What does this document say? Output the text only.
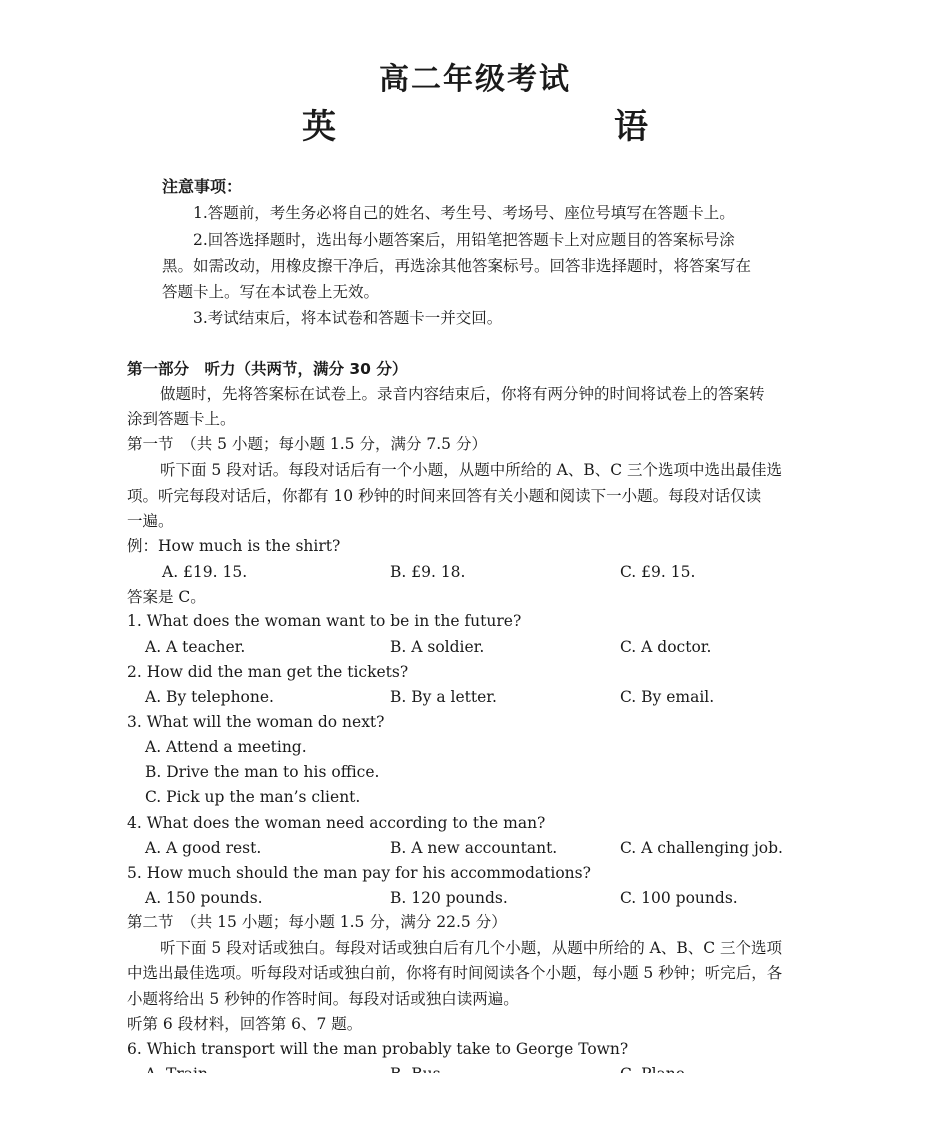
高二年级考试
英　　语
注意事项：
1.答题前，考生务必将自己的姓名、考生号、考场号、座位号填写在答题卡上。
2.回答选择题时，选出每小题答案后，用铅笔把答题卡上对应题目的答案标号涂
黑。如需改动，用橡皮擦干净后，再选涂其他答案标号。回答非选择题时，将答案写在
答题卡上。写在本试卷上无效。
3.考试结束后，将本试卷和答题卡一并交回。
第一部分　听力（共两节，满分 30 分）
做题时，先将答案标在试卷上。录音内容结束后，你将有两分钟的时间将试卷上的答案转
涂到答题卡上。
第一节　（共 5 小题；每小题 1.5 分，满分 7.5 分）
听下面 5 段对话。每段对话后有一个小题，从题中所给的 A、B、C 三个选项中选出最佳选
项。听完每段对话后，你都有 10 秒钟的时间来回答有关小题和阅读下一小题。每段对话仅读
一遍。
例：How much is the shirt?
A. £19. 15.	B. £9. 18.	C. £9. 15.
答案是 C。
1. What does the woman want to be in the future?
A. A teacher.	B. A soldier.	C. A doctor.
2. How did the man get the tickets?
A. By telephone.	B. By a letter.	C. By email.
3. What will the woman do next?
A. Attend a meeting.
B. Drive the man to his office.
C. Pick up the man’s client.
4. What does the woman need according to the man?
A. A good rest.	B. A new accountant.	C. A challenging job.
5. How much should the man pay for his accommodations?
A. 150 pounds.	B. 120 pounds.	C. 100 pounds.
第二节　（共 15 小题；每小题 1.5 分，满分 22.5 分）
听下面 5 段对话或独白。每段对话或独白后有几个小题，从题中所给的 A、B、C 三个选项
中选出最佳选项。听每段对话或独白前，你将有时间阅读各个小题，每小题 5 秒钟；听完后，各
小题将给出 5 秒钟的作答时间。每段对话或独白读两遍。
听第 6 段材料，回答第 6、7 题。
6. Which transport will the man probably take to George Town?
